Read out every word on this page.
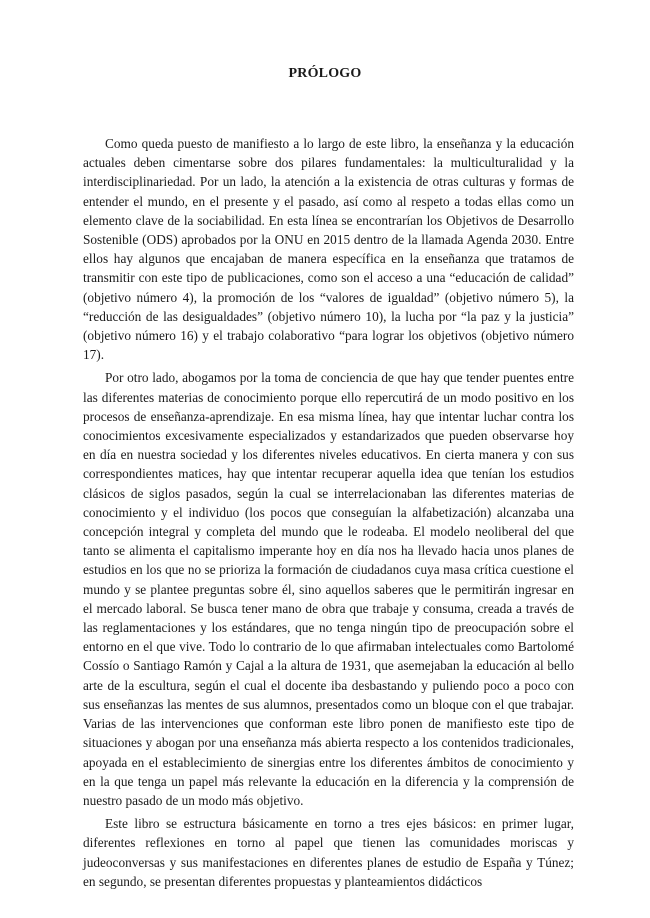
PRÓLOGO

Como queda puesto de manifiesto a lo largo de este libro, la enseñanza y la educación actuales deben cimentarse sobre dos pilares fundamentales: la multiculturalidad y la interdisciplinariedad. Por un lado, la atención a la existencia de otras culturas y formas de entender el mundo, en el presente y el pasado, así como al respeto a todas ellas como un elemento clave de la sociabilidad. En esta línea se encontrarían los Objetivos de Desarrollo Sostenible (ODS) aprobados por la ONU en 2015 dentro de la llamada Agenda 2030. Entre ellos hay algunos que encajaban de manera específica en la enseñanza que tratamos de transmitir con este tipo de publicaciones, como son el acceso a una “educación de calidad” (objetivo número 4), la promoción de los “valores de igualdad” (objetivo número 5), la “reducción de las desigualdades” (objetivo número 10), la lucha por “la paz y la justicia” (objetivo número 16) y el trabajo colaborativo “para lograr los objetivos (objetivo número 17).

Por otro lado, abogamos por la toma de conciencia de que hay que tender puentes entre las diferentes materias de conocimiento porque ello repercutirá de un modo positivo en los procesos de enseñanza-aprendizaje. En esa misma línea, hay que intentar luchar contra los conocimientos excesivamente especializados y estandarizados que pueden observarse hoy en día en nuestra sociedad y los diferentes niveles educativos. En cierta manera y con sus correspondientes matices, hay que intentar recuperar aquella idea que tenían los estudios clásicos de siglos pasados, según la cual se interrelacionaban las diferentes materias de conocimiento y el individuo (los pocos que conseguían la alfabetización) alcanzaba una concepción integral y completa del mundo que le rodeaba. El modelo neoliberal del que tanto se alimenta el capitalismo imperante hoy en día nos ha llevado hacia unos planes de estudios en los que no se prioriza la formación de ciudadanos cuya masa crítica cuestione el mundo y se plantee preguntas sobre él, sino aquellos saberes que le permitirán ingresar en el mercado laboral. Se busca tener mano de obra que trabaje y consuma, creada a través de las reglamentaciones y los estándares, que no tenga ningún tipo de preocupación sobre el entorno en el que vive. Todo lo contrario de lo que afirmaban intelectuales como Bartolomé Cossío o Santiago Ramón y Cajal a la altura de 1931, que asemejaban la educación al bello arte de la escultura, según el cual el docente iba desbastando y puliendo poco a poco con sus enseñanzas las mentes de sus alumnos, presentados como un bloque con el que trabajar. Varias de las intervenciones que conforman este libro ponen de manifiesto este tipo de situaciones y abogan por una enseñanza más abierta respecto a los contenidos tradicionales, apoyada en el establecimiento de sinergias entre los diferentes ámbitos de conocimiento y en la que tenga un papel más relevante la educación en la diferencia y la comprensión de nuestro pasado de un modo más objetivo.

Este libro se estructura básicamente en torno a tres ejes básicos: en primer lugar, diferentes reflexiones en torno al papel que tienen las comunidades moriscas y judeoconversas y sus manifestaciones en diferentes planes de estudio de España y Túnez; en segundo, se presentan diferentes propuestas y planteamientos didácticos
